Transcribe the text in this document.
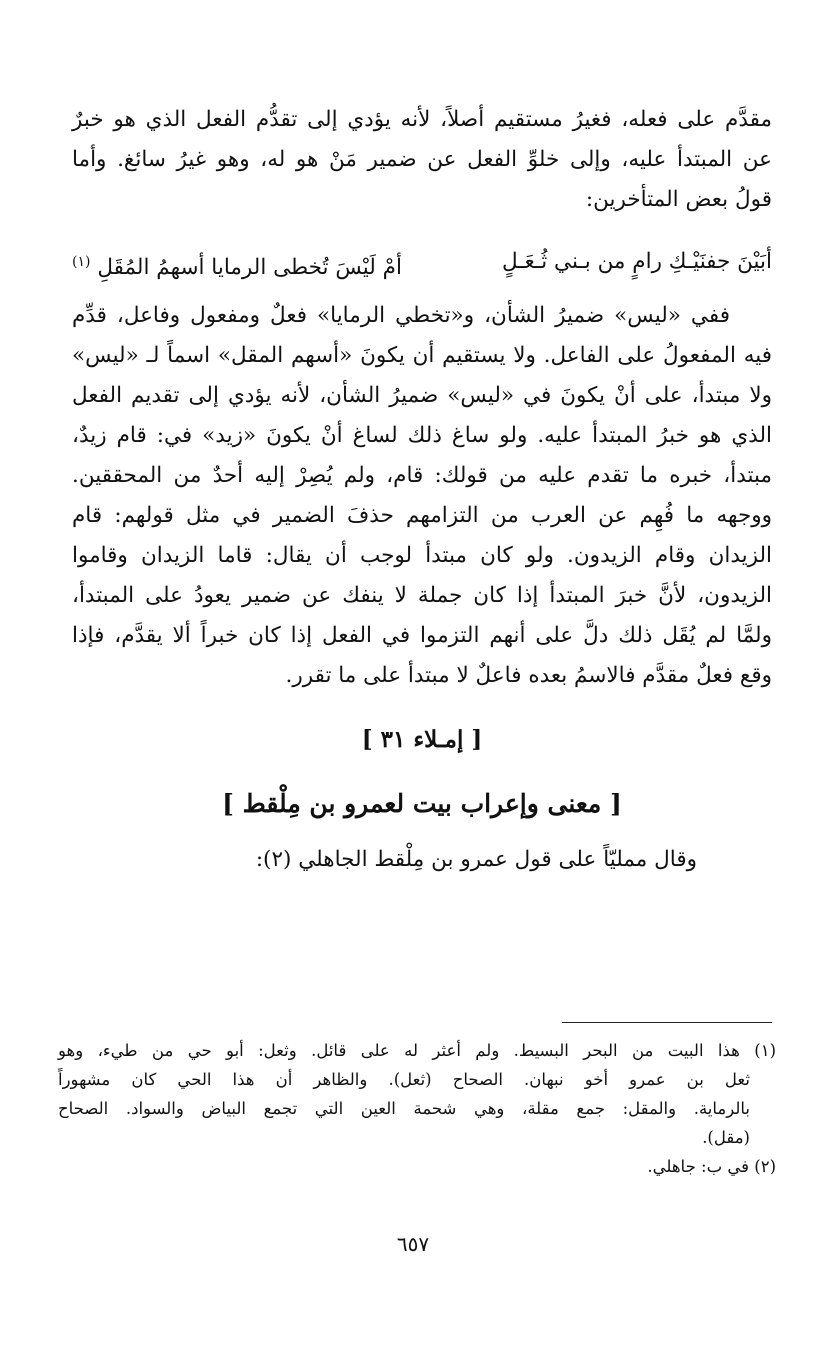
مقدَّم على فعله، فغيرُ مستقيم أصلاً، لأنه يؤدي إلى تقدُّم الفعل الذي هو خبرٌ
عن المبتدأ عليه، وإلى خلوِّ الفعل عن ضمير مَنْ هو له، وهو غيرُ سائغ. وأما
قولُ بعض المتأخرين:
أبَيْنَ جفنَيْـكِ رامٍ من بـني ثُـعَـلٍ
أمْ لَيْسَ تُخطى الرمايا أسهمُ المُقَلِ $^{(١)}$
ففي «ليس» ضميرُ الشأن، و«تخطي الرمايا» فعلٌ ومفعول وفاعل، قدِّم
فيه المفعولُ على الفاعل. ولا يستقيم أن يكونَ «أسهم المقل» اسماً لـ «ليس»
ولا مبتدأ، على أنْ يكونَ في «ليس» ضميرُ الشأن، لأنه يؤدي إلى تقديم الفعل
الذي هو خبرُ المبتدأ عليه. ولو ساغ ذلك لساغ أنْ يكونَ «زيد» في: قام زيدٌ،
مبتدأ، خبره ما تقدم عليه من قولك: قام، ولم يُصِرْ إليه أحدٌ من المحققين.
ووجهه ما فُهِم عن العرب من التزامهم حذفَ الضمير في مثل قولهم: قام
الزيدان وقام الزيدون. ولو كان مبتدأ لوجب أن يقال: قاما الزيدان وقاموا
الزيدون، لأنَّ خبرَ المبتدأ إذا كان جملة لا ينفك عن ضمير يعودُ على المبتدأ،
ولمَّا لم يُقَل ذلك دلَّ على أنهم التزموا في الفعل إذا كان خبراً ألا يقدَّم، فإذا
وقع فعلٌ مقدَّم فالاسمُ بعده فاعلٌ لا مبتدأ على ما تقرر.
[ إمـلاء ٣١ ]
[ معنى وإعراب بيت لعمرو بن مِلْقط ]
وقال ممليّاً على قول عمرو بن مِلْقط الجاهلي (٢):
(١) هذا البيت من البحر البسيط. ولم أعثر له على قائل. وثعل: أبو حي من طيء، وهو
ثعل بن عمرو أخو نبهان. الصحاح (ثعل). والظاهر أن هذا الحي كان مشهوراً
بالرماية. والمقل: جمع مقلة، وهي شحمة العين التي تجمع البياض والسواد. الصحاح
(مقل).
(٢) في ب: جاهلي.
٦٥٧
